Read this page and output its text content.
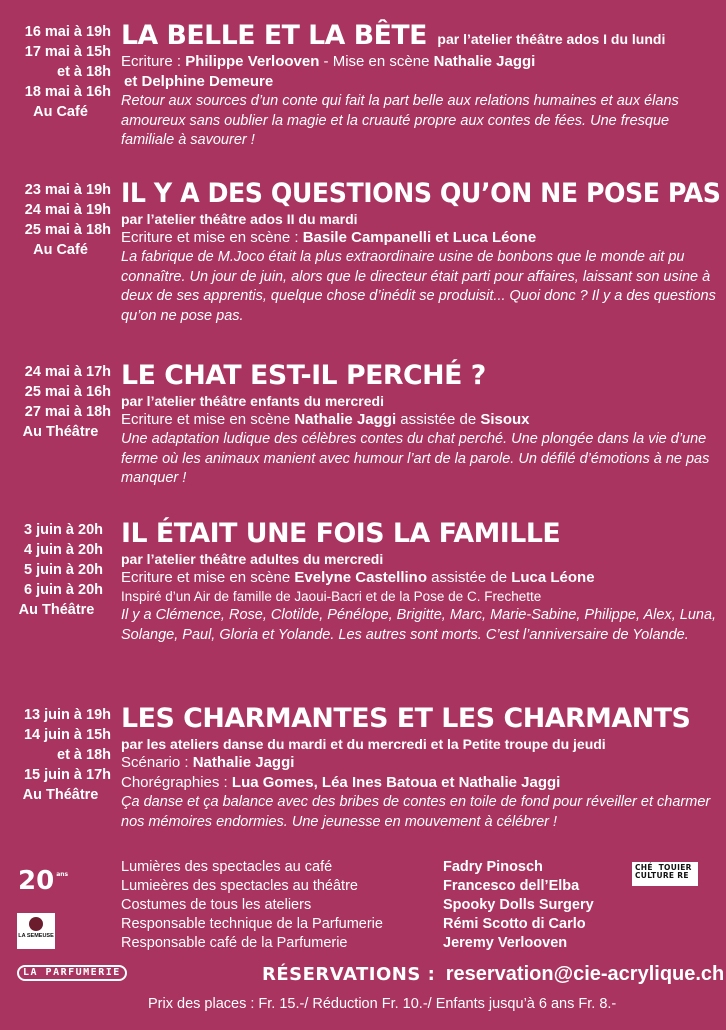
16 mai à 19h
17 mai à 15h
et à 18h
18 mai à 16h
Au Café
LA BELLE ET LA BÊTE par l’atelier théâtre ados I du lundi
Ecriture : Philippe Verlooven - Mise en scène Nathalie Jaggi
et Delphine Demeure
Retour aux sources d’un conte qui fait la part belle aux relations humaines et aux élans amoureux sans oublier la magie et la cruauté propre aux contes de fées. Une fresque familiale à savourer !
23 mai à 19h
24 mai à 19h
25 mai à 18h
Au Café
IL Y A DES QUESTIONS QU’ON NE POSE PAS
par l’atelier théâtre ados II du mardi
Ecriture et mise en scène : Basile Campanelli et Luca Léone
La fabrique de M.Joco était la plus extraordinaire usine de bonbons que le monde ait pu connaître. Un jour de juin, alors que le directeur était parti pour affaires, laissant son usine à deux de ses apprentis, quelque chose d’inédit se produisit... Quoi donc ? Il y a des questions qu’on ne pose pas.
24 mai à 17h
25 mai à 16h
27 mai à 18h
Au Théâtre
LE CHAT EST-IL PERCHÉ ?
par l’atelier théâtre enfants du mercredi
Ecriture et mise en scène Nathalie Jaggi assistée de Sisoux
Une adaptation ludique des célèbres contes du chat perché. Une plongée dans la vie d’une ferme où les animaux manient avec humour l’art de la parole. Un défilé d’émotions à ne pas manquer !
3 juin à 20h
4 juin à 20h
5 juin à 20h
6 juin à 20h
Au Théâtre
IL ÉTAIT UNE FOIS LA FAMILLE
par l’atelier théâtre adultes du mercredi
Ecriture et mise en scène Evelyne Castellino assistée de Luca Léone
Inspiré d’un Air de famille de Jaoui-Bacri et de la Pose de C. Frechette
Il y a Clémence, Rose, Clotilde, Pénélope, Brigitte, Marc, Marie-Sabine, Philippe, Alex, Luna, Solange, Paul, Gloria et Yolande. Les autres sont morts. C’est l’anniversaire de Yolande.
13 juin à 19h
14 juin à 15h
et à 18h
15 juin à 17h
Au Théâtre
LES CHARMANTES ET LES CHARMANTS
par les ateliers danse du mardi et du mercredi et la Petite troupe du jeudi
Scénario : Nathalie Jaggi
Chorégraphies : Lua Gomes, Léa Ines Batoua et Nathalie Jaggi
Ça danse et ça balance avec des bribes de contes en toile de fond pour réveiller et charmer nos mémoires endormies. Une jeunesse en mouvement à célébrer !
Lumières des spectacles au café	Fadry Pinosch
Lumieères des spectacles au théâtre	Francesco dell’Elba
Costumes de tous les ateliers	Spooky Dolls Surgery
Responsable technique de la Parfumerie	Rémi Scotto di Carlo
Responsable café de la Parfumerie	Jeremy Verlooven
20 ans
LA SEMEUSE
LA PARFUMERIE
CHÉ  TOUIER
CULTURE RE
RÉSERVATIONS : reservation@cie-acrylique.ch
Prix des places : Fr. 15.-/ Réduction Fr. 10.-/ Enfants jusqu’à 6 ans Fr. 8.-
